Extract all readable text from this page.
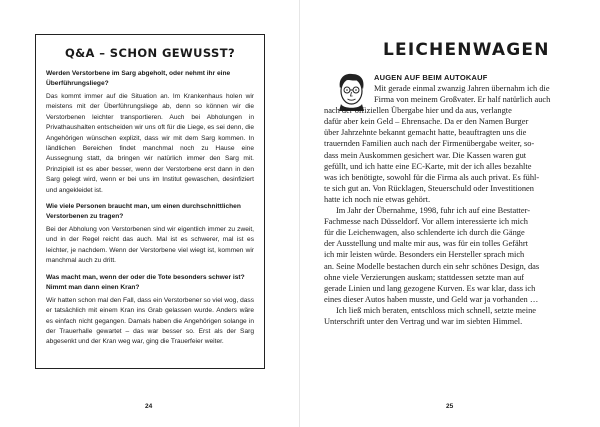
Q&A – SCHON GEWUSST?
Werden Verstorbene im Sarg abgeholt, oder nehmt ihr eine Überführungsliege?
Das kommt immer auf die Situation an. Im Krankenhaus holen wir meistens mit der Überführungsliege ab, denn so können wir die Verstorbenen leichter transportieren. Auch bei Abholungen in Privathaushalten entscheiden wir uns oft für die Liege, es sei denn, die Angehörigen wünschen explizit, dass wir mit dem Sarg kommen. In ländlichen Bereichen findet manchmal noch zu Hause eine Aussegnung statt, da bringen wir natürlich immer den Sarg mit. Prinzipiell ist es aber besser, wenn der Verstorbene erst dann in den Sarg gelegt wird, wenn er bei uns im Institut gewaschen, desinfiziert und angekleidet ist.
Wie viele Personen braucht man, um einen durchschnittlichen Verstorbenen zu tragen?
Bei der Abholung von Verstorbenen sind wir eigentlich immer zu zweit, und in der Regel reicht das auch. Mal ist es schwerer, mal ist es leichter, je nachdem. Wenn der Verstorbene viel wiegt ist, kommen wir manchmal auch zu dritt.
Was macht man, wenn der oder die Tote besonders schwer ist? Nimmt man dann einen Kran?
Wir hatten schon mal den Fall, dass ein Verstorbener so viel wog, dass er tatsächlich mit einem Kran ins Grab gelassen wurde. Anders wäre es einfach nicht gegangen. Damals haben die Angehörigen solange in der Trauerhalle gewartet – das war besser so. Erst als der Sarg abgesenkt und der Kran weg war, ging die Trauerfeier weiter.
24
LEICHENWAGEN
AUGEN AUF BEIM AUTOKAUF
Mit gerade einmal zwanzig Jahren übernahm ich die
Firma von meinem Großvater. Er half natürlich auch
nach der offiziellen Übergabe hier und da aus, verlangte
dafür aber kein Geld – Ehrensache. Da er den Namen Burger
über Jahrzehnte bekannt gemacht hatte, beauftragten uns die
trauernden Familien auch nach der Firmenübergabe weiter, so-
dass mein Auskommen gesichert war. Die Kassen waren gut
gefüllt, und ich hatte eine EC-Karte, mit der ich alles bezahlte
was ich benötigte, sowohl für die Firma als auch privat. Es fühl-
te sich gut an. Von Rücklagen, Steuerschuld oder Investitionen
hatte ich noch nie etwas gehört.
Im Jahr der Übernahme, 1998, fuhr ich auf eine Bestatter-
Fachmesse nach Düsseldorf. Vor allem interessierte ich mich
für die Leichenwagen, also schlenderte ich durch die Gänge
der Ausstellung und malte mir aus, was für ein tolles Gefährt
ich mir leisten würde. Besonders ein Hersteller sprach mich
an. Seine Modelle bestachen durch ein sehr schönes Design, das
ohne viele Verzierungen auskam; stattdessen setzte man auf
gerade Linien und lang gezogene Kurven. Es war klar, dass ich
eines dieser Autos haben musste, und Geld war ja vorhanden …
Ich ließ mich beraten, entschloss mich schnell, setzte meine
Unterschrift unter den Vertrag und war im siebten Himmel.
25
